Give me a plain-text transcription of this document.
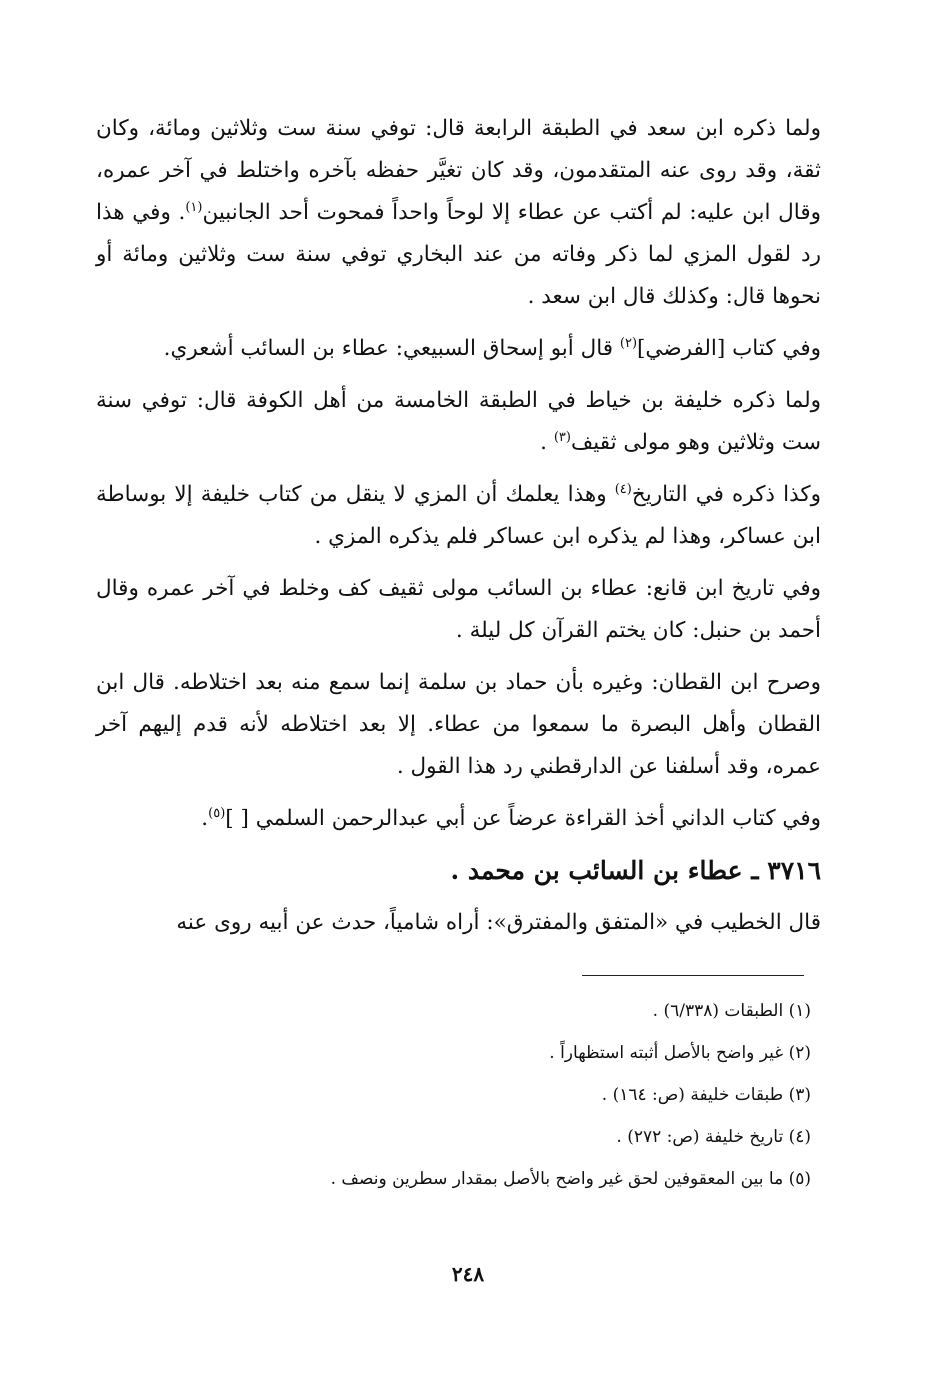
ولما ذكره ابن سعد في الطبقة الرابعة قال: توفي سنة ست وثلاثين ومائة، وكان ثقة، وقد روى عنه المتقدمون، وقد كان تغيَّر حفظه بآخره واختلط في آخر عمره، وقال ابن عليه: لم أكتب عن عطاء إلا لوحاً واحداً فمحوت أحد الجانبين$^{(١)}$. وفي هذا رد لقول المزي لما ذكر وفاته من عند البخاري توفي سنة ست وثلاثين ومائة أو نحوها قال: وكذلك قال ابن سعد .

وفي كتاب [الفرضي]$^{(٢)}$ قال أبو إسحاق السبيعي: عطاء بن السائب أشعري.

ولما ذكره خليفة بن خياط في الطبقة الخامسة من أهل الكوفة قال: توفي سنة ست وثلاثين وهو مولى ثقيف$^{(٣)}$ .

وكذا ذكره في التاريخ$^{(٤)}$ وهذا يعلمك أن المزي لا ينقل من كتاب خليفة إلا بوساطة ابن عساكر، وهذا لم يذكره ابن عساكر فلم يذكره المزي .

وفي تاريخ ابن قانع: عطاء بن السائب مولى ثقيف كف وخلط في آخر عمره وقال أحمد بن حنبل: كان يختم القرآن كل ليلة .

وصرح ابن القطان: وغيره بأن حماد بن سلمة إنما سمع منه بعد اختلاطه. قال ابن القطان وأهل البصرة ما سمعوا من عطاء. إلا بعد اختلاطه لأنه قدم إليهم آخر عمره، وقد أسلفنا عن الدارقطني رد هذا القول .

وفي كتاب الداني أخذ القراءة عرضاً عن أبي عبدالرحمن السلمي [ ]$^{(٥)}$.

٣٧١٦ ـ عطاء بن السائب بن محمد .

قال الخطيب في «المتفق والمفترق»: أراه شامياً، حدث عن أبيه روى عنه

(١) الطبقات (٦/٣٣٨) .
(٢) غير واضح بالأصل أثبته استظهاراً .
(٣) طبقات خليفة (ص: ١٦٤) .
(٤) تاريخ خليفة (ص: ٢٧٢) .
(٥) ما بين المعقوفين لحق غير واضح بالأصل بمقدار سطرين ونصف .
٢٤٨
